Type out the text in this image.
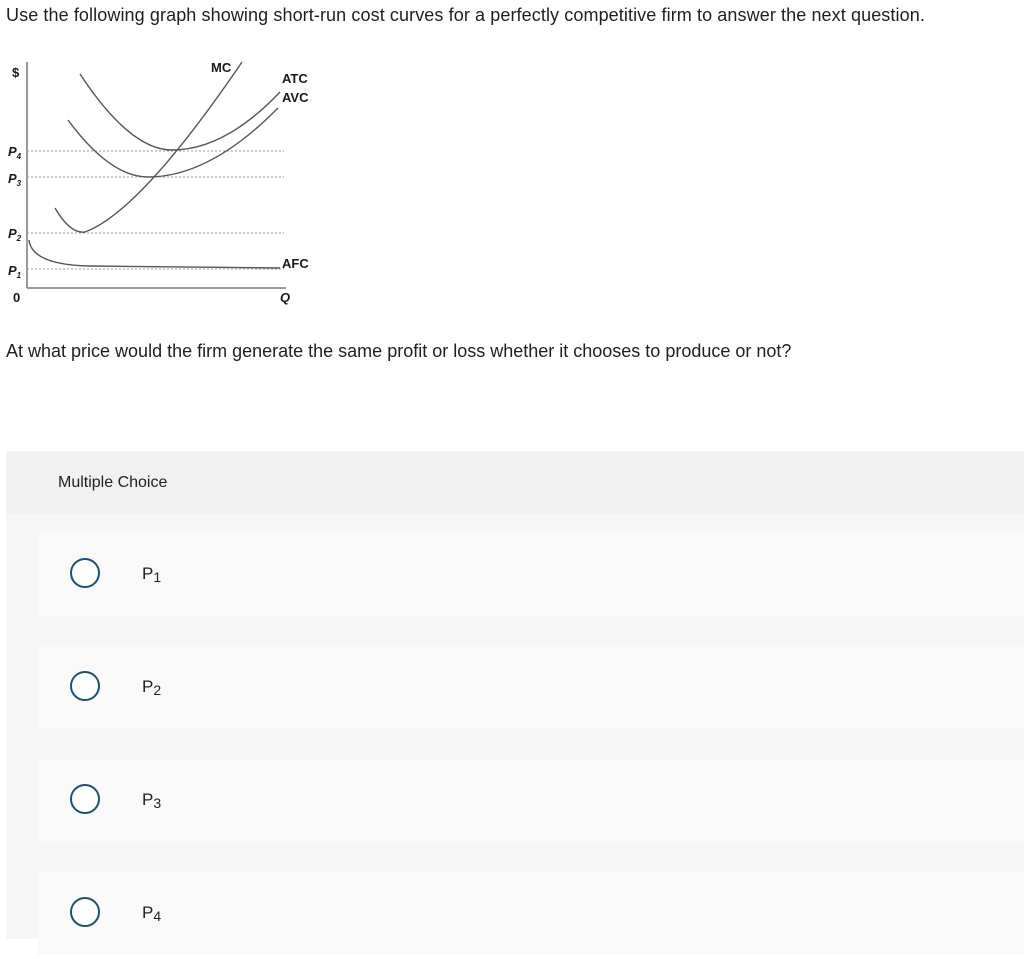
Use the following graph showing short-run cost curves for a perfectly competitive firm to answer the next question.
$
Q
0
$P_4$
$P_3$
$P_2$
$P_1$
MC
ATC
AVC
AFC
At what price would the firm generate the same profit or loss whether it chooses to produce or not?
Multiple Choice
P1
P2
P3
P4
